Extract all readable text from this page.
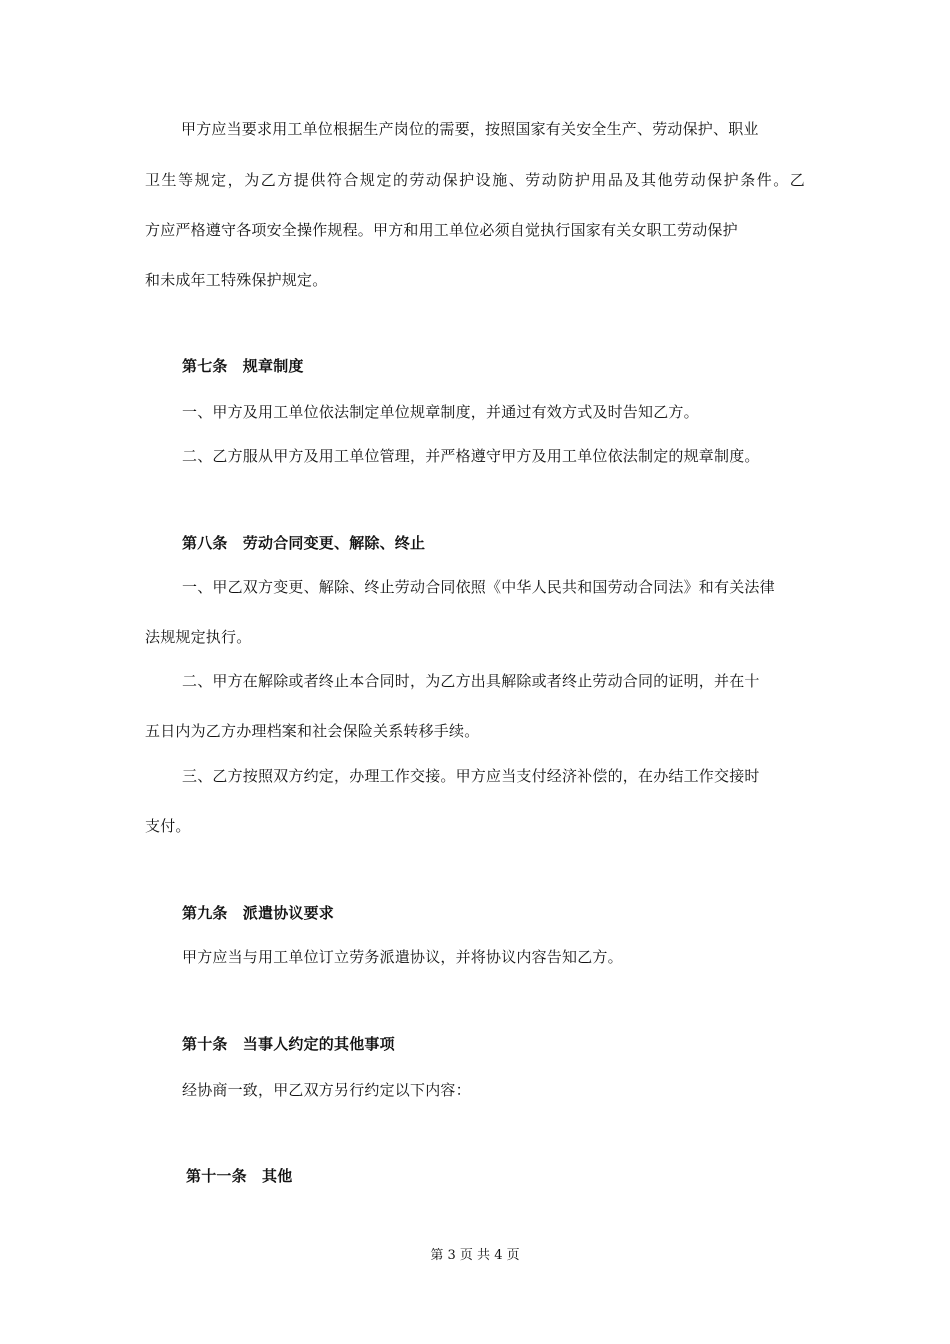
甲方应当要求用工单位根据生产岗位的需要，按照国家有关安全生产、劳动保护、职业
卫生等规定，为乙方提供符合规定的劳动保护设施、劳动防护用品及其他劳动保护条件。乙
方应严格遵守各项安全操作规程。甲方和用工单位必须自觉执行国家有关女职工劳动保护
和未成年工特殊保护规定。
第七条　规章制度
一、甲方及用工单位依法制定单位规章制度，并通过有效方式及时告知乙方。
二、乙方服从甲方及用工单位管理，并严格遵守甲方及用工单位依法制定的规章制度。
第八条　劳动合同变更、解除、终止
一、甲乙双方变更、解除、终止劳动合同依照《中华人民共和国劳动合同法》和有关法律
法规规定执行。
二、甲方在解除或者终止本合同时，为乙方出具解除或者终止劳动合同的证明，并在十
五日内为乙方办理档案和社会保险关系转移手续。
三、乙方按照双方约定，办理工作交接。甲方应当支付经济补偿的，在办结工作交接时
支付。
第九条　派遣协议要求
甲方应当与用工单位订立劳务派遣协议，并将协议内容告知乙方。
第十条　当事人约定的其他事项
经协商一致，甲乙双方另行约定以下内容：
第十一条　其他
第 3 页 共 4 页
